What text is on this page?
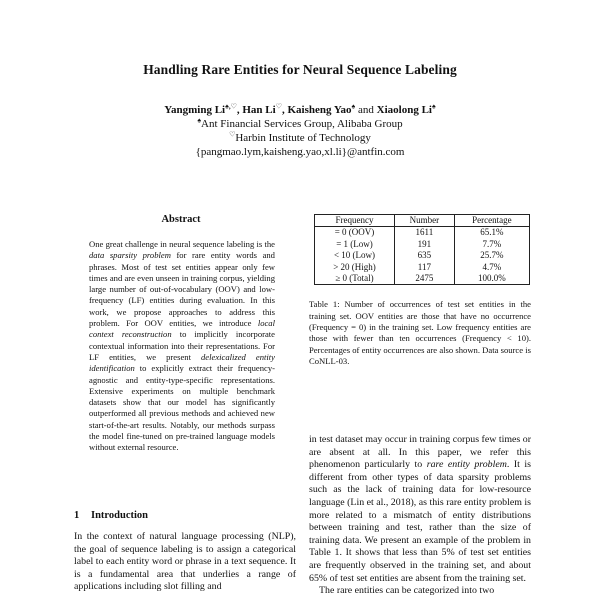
Handling Rare Entities for Neural Sequence Labeling
Yangming Li♠,♡, Han Li♡, Kaisheng Yao♠ and Xiaolong Li♠
♠Ant Financial Services Group, Alibaba Group
♡Harbin Institute of Technology
{pangmao.lym,kaisheng.yao,xl.li}@antfin.com
Abstract

One great challenge in neural sequence labeling is the data sparsity problem for rare entity words and phrases. Most of test set entities appear only few times and are even unseen in training corpus, yielding large number of out-of-vocabulary (OOV) and low-frequency (LF) entities during evaluation. In this work, we propose approaches to address this problem. For OOV entities, we introduce local context reconstruction to implicitly incorporate contextual information into their representations. For LF entities, we present delexicalized entity identification to explicitly extract their frequency-agnostic and entity-type-specific representations. Extensive experiments on multiple benchmark datasets show that our model has significantly outperformed all previous methods and achieved new start-of-the-art results. Notably, our methods surpass the model fine-tuned on pre-trained language models without external resource.

1 Introduction

In the context of natural language processing (NLP), the goal of sequence labeling is to assign a categorical label to each entity word or phrase in a text sequence. It is a fundamental area that underlies a range of applications including slot filling and

Frequency	Number	Percentage
= 0 (OOV)	1611	65.1%
= 1 (Low)	191	7.7%
< 10 (Low)	635	25.7%
> 20 (High)	117	4.7%
≥ 0 (Total)	2475	100.0%

Table 1: Number of occurrences of test set entities in the training set. OOV entities are those that have no occurrence (Frequency = 0) in the training set. Low frequency entities are those with fewer than ten occurrences (Frequency < 10). Percentages of entity occurrences are also shown. Data source is CoNLL-03.

in test dataset may occur in training corpus few times or are absent at all. In this paper, we refer this phenomenon particularly to rare entity problem. It is different from other types of data sparsity problems such as the lack of training data for low-resource language (Lin et al., 2018), as this rare entity problem is more related to a mismatch of entity distributions between training and test, rather than the size of training data. We present an example of the problem in Table 1. It shows that less than 5% of test set entities are frequently observed in the training set, and about 65% of test set entities are absent from the training set.

The rare entities can be categorized into two
